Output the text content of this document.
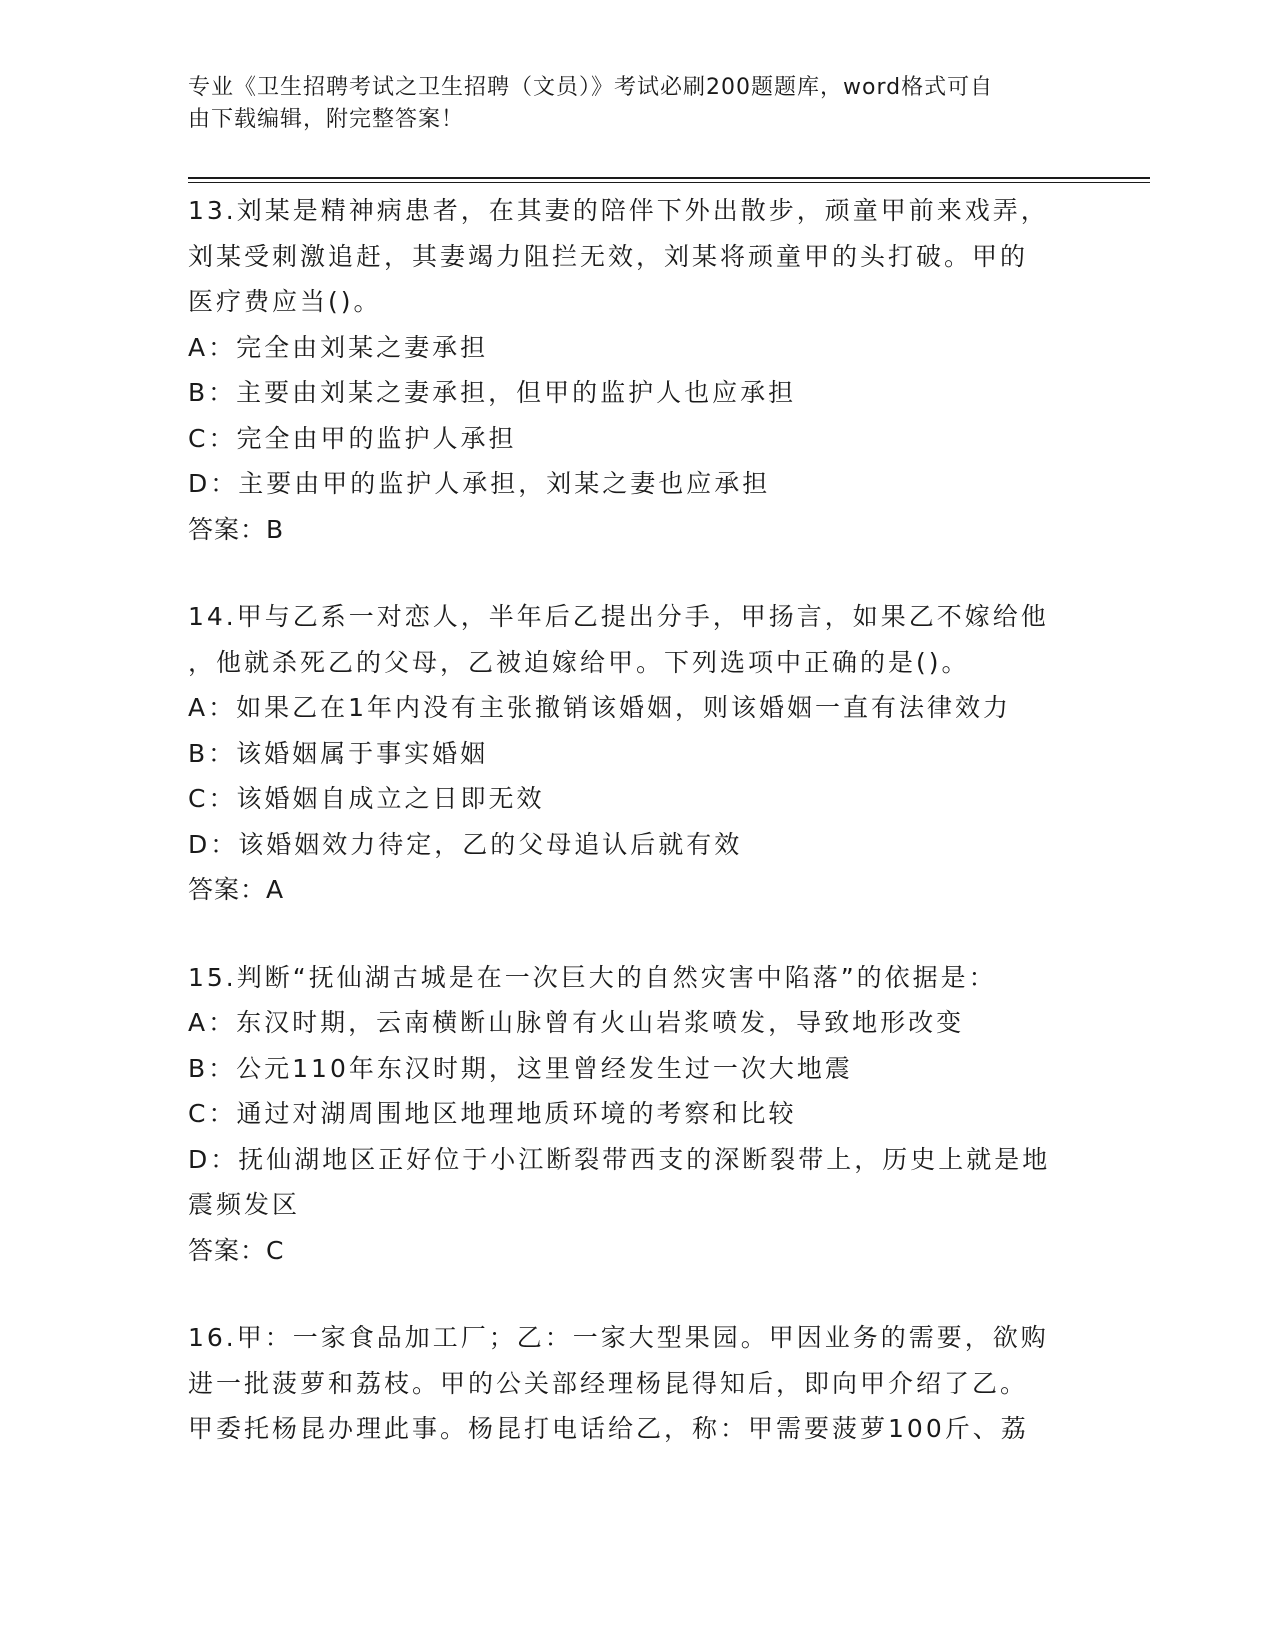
专业《卫生招聘考试之卫生招聘（文员）》考试必刷200题题库，word格式可自
由下载编辑，附完整答案！
13.刘某是精神病患者，在其妻的陪伴下外出散步，顽童甲前来戏弄，
刘某受刺激追赶，其妻竭力阻拦无效，刘某将顽童甲的头打破。甲的
医疗费应当()。
A：完全由刘某之妻承担
B：主要由刘某之妻承担，但甲的监护人也应承担
C：完全由甲的监护人承担
D：主要由甲的监护人承担，刘某之妻也应承担
答案：B
14.甲与乙系一对恋人，半年后乙提出分手，甲扬言，如果乙不嫁给他
，他就杀死乙的父母，乙被迫嫁给甲。下列选项中正确的是()。
A：如果乙在1年内没有主张撤销该婚姻，则该婚姻一直有法律效力
B：该婚姻属于事实婚姻
C：该婚姻自成立之日即无效
D：该婚姻效力待定，乙的父母追认后就有效
答案：A
15.判断“抚仙湖古城是在一次巨大的自然灾害中陷落”的依据是：
A：东汉时期，云南横断山脉曾有火山岩浆喷发，导致地形改变
B：公元110年东汉时期，这里曾经发生过一次大地震
C：通过对湖周围地区地理地质环境的考察和比较
D：抚仙湖地区正好位于小江断裂带西支的深断裂带上，历史上就是地
震频发区
答案：C
16.甲：一家食品加工厂；乙：一家大型果园。甲因业务的需要，欲购
进一批菠萝和荔枝。甲的公关部经理杨昆得知后，即向甲介绍了乙。
甲委托杨昆办理此事。杨昆打电话给乙，称：甲需要菠萝100斤、荔
